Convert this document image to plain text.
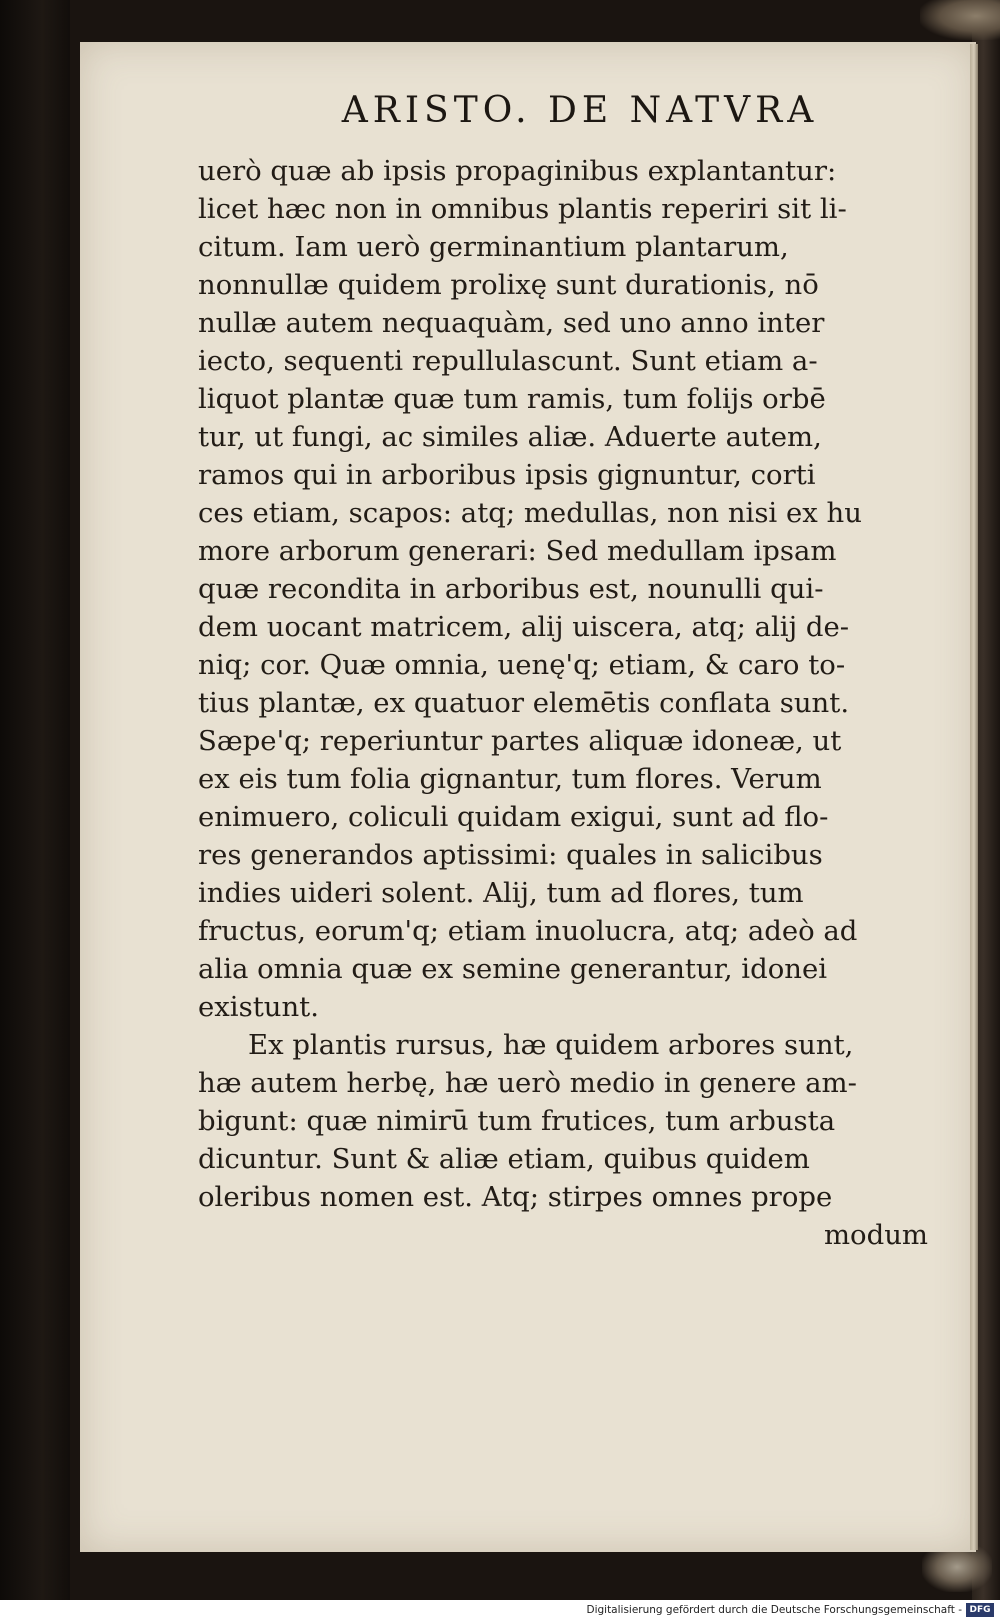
ARISTO. DE NATVRA
uerò quæ ab ipsis propaginibus explantantur:
licet hæc non in omnibus plantis reperiri sit li-
citum. Iam uerò germinantium plantarum,
nonnullæ quidem prolixę sunt durationis, nō
nullæ autem nequaquàm, sed uno anno inter
iecto, sequenti repullulascunt. Sunt etiam a-
liquot plantæ quæ tum ramis, tum folijs orbē
tur, ut fungi, ac similes aliæ. Aduerte autem,
ramos qui in arboribus ipsis gignuntur, corti
ces etiam, scapos: atq; medullas, non nisi ex hu
more arborum generari: Sed medullam ipsam
quæ recondita in arboribus est, nounulli qui-
dem uocant matricem, alij uiscera, atq; alij de-
niq; cor. Quæ omnia, uenę'q; etiam, & caro to-
tius plantæ, ex quatuor elemētis conflata sunt.
Sæpe'q; reperiuntur partes aliquæ idoneæ, ut
ex eis tum folia gignantur, tum flores. Verum
enimuero, coliculi quidam exigui, sunt ad flo-
res generandos aptissimi: quales in salicibus
indies uideri solent. Alij, tum ad flores, tum
fructus, eorum'q; etiam inuolucra, atq; adeò ad
alia omnia quæ ex semine generantur, idonei
existunt.
Ex plantis rursus, hæ quidem arbores sunt,
hæ autem herbę, hæ uerò medio in genere am-
bigunt: quæ nimirū tum frutices, tum arbusta
dicuntur. Sunt & aliæ etiam, quibus quidem
oleribus nomen est. Atq; stirpes omnes prope
modum
Digitalisierung gefördert durch die Deutsche Forschungsgemeinschaft - DFG
